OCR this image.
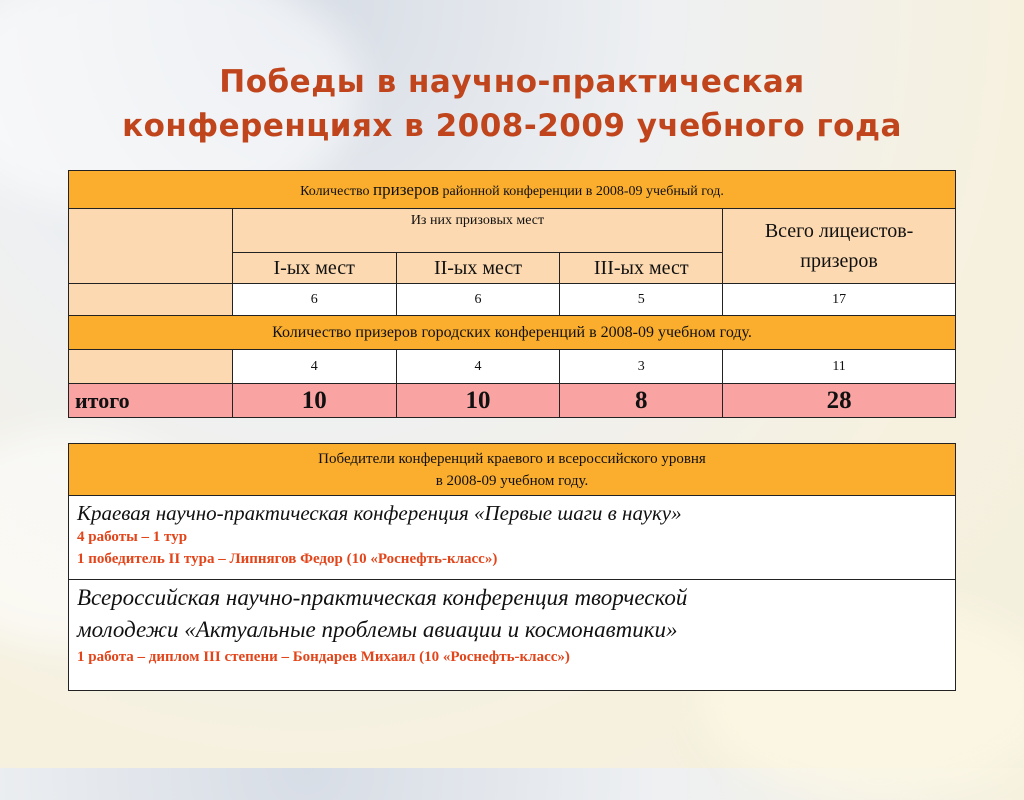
Победы в научно-практическая
конференциях в 2008-2009 учебного года
Количество призеров районной конференции в 2008-09 учебный год.				
	Из них призовых мест			Всего лицеистов-призеров
	I-ых мест	II-ых мест	III-ых мест	
	6	6	5	17
Количество призеров городских конференций в 2008-09 учебном году.				
	4	4	3	11
итого	10	10	8	28
Победители конференций краевого и всероссийского уровня
в 2008-09 учебном году.

Краевая научно-практическая конференция «Первые шаги в науку»
4 работы – 1 тур
1 победитель II тура – Липнягов Федор (10 «Роснефть-класс»)

Всероссийская научно-практическая конференция творческой
молодежи «Актуальные проблемы авиации и космонавтики»
1 работа – диплом III степени – Бондарев Михаил (10 «Роснефть-класс»)
